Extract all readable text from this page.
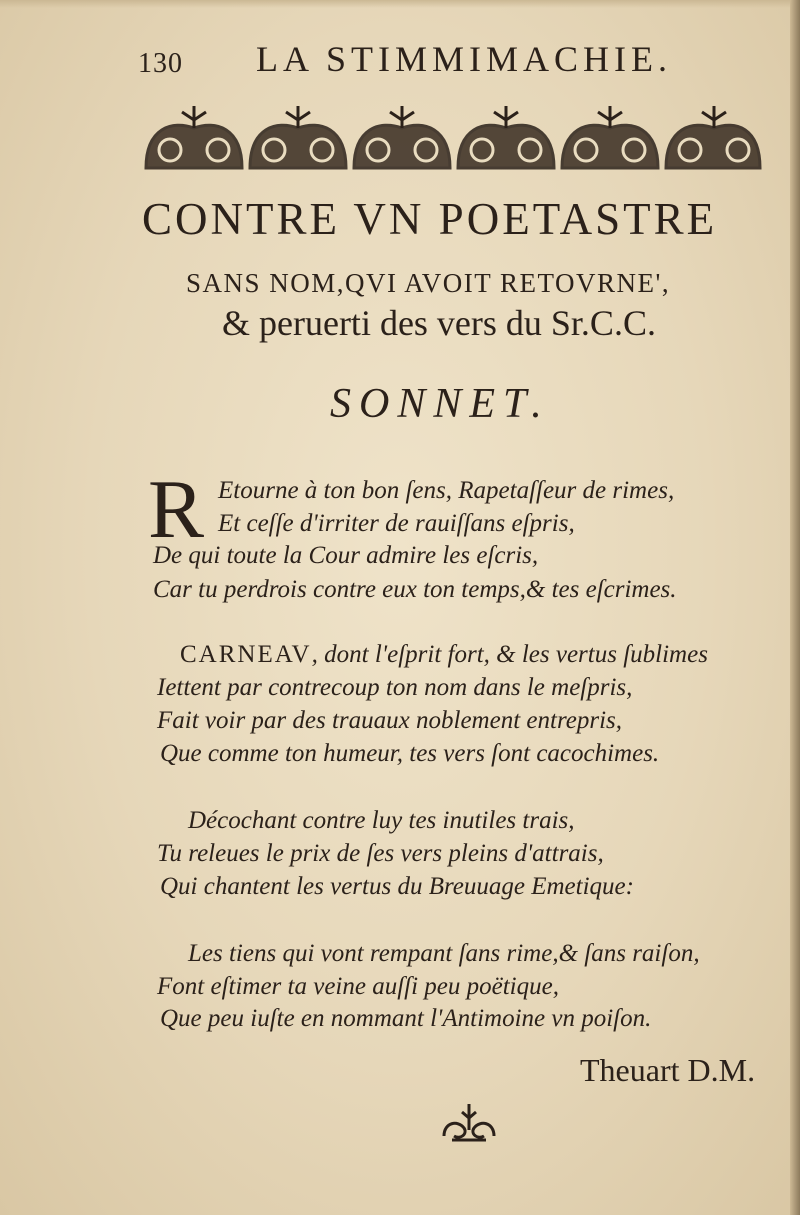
130 LA STIMMIMACHIE.
CONTRE VN POETASTRE
SANS NOM,QVI AVOIT RETOVRNE',
& peruerti des vers du Sr.C.C.
SONNET.
R Etourne à ton bon ſens, Rapetaſſeur de rimes,
Et ceſſe d'irriter de rauiſſans eſpris,
De qui toute la Cour admire les eſcris,
Car tu perdrois contre eux ton temps,& tes eſcrimes.
CARNEAV, dont l'eſprit fort, & les vertus ſublimes
Iettent par contrecoup ton nom dans le meſpris,
Fait voir par des trauaux noblement entrepris,
Que comme ton humeur, tes vers ſont cacochimes.
Décochant contre luy tes inutiles trais,
Tu releues le prix de ſes vers pleins d'attrais,
Qui chantent les vertus du Breuuage Emetique:
Les tiens qui vont rempant ſans rime,& ſans raiſon,
Font eſtimer ta veine auſſi peu poëtique,
Que peu iuſte en nommant l'Antimoine vn poiſon.
Theuart D.M.
